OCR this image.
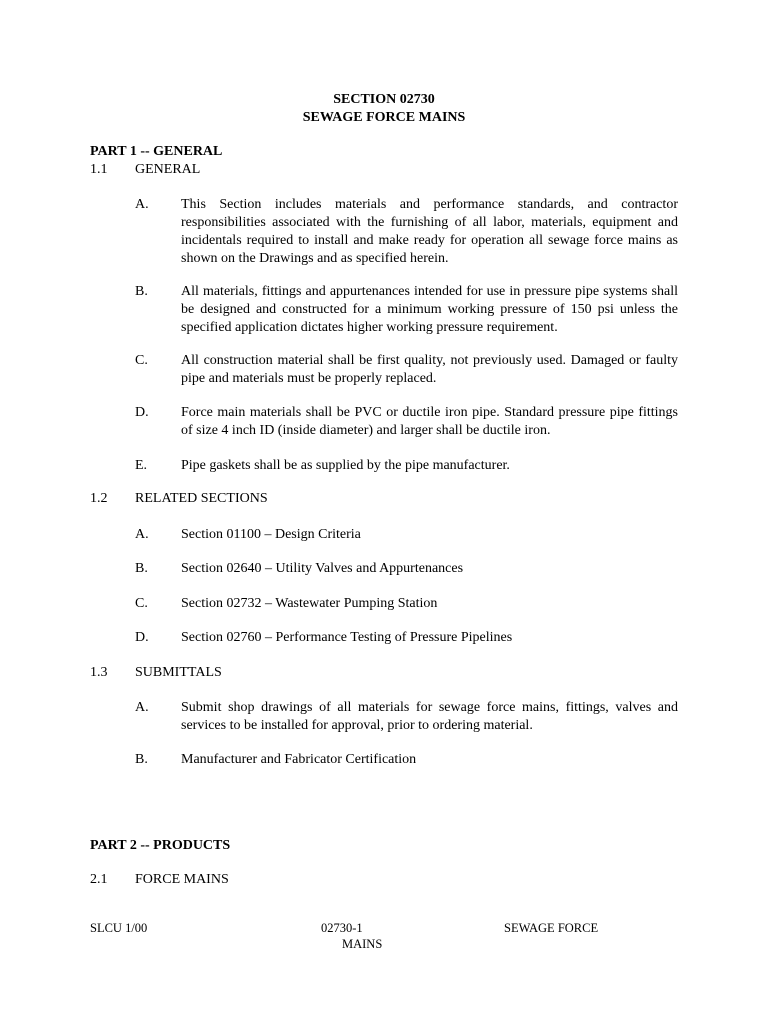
SECTION 02730
SEWAGE FORCE MAINS
PART 1 -- GENERAL
1.1 GENERAL
A. This Section includes materials and performance standards, and contractor responsibilities associated with the furnishing of all labor, materials, equipment and incidentals required to install and make ready for operation all sewage force mains as shown on the Drawings and as specified herein.
B. All materials, fittings and appurtenances intended for use in pressure pipe systems shall be designed and constructed for a minimum working pressure of 150 psi unless the specified application dictates higher working pressure requirement.
C. All construction material shall be first quality, not previously used. Damaged or faulty pipe and materials must be properly replaced.
D. Force main materials shall be PVC or ductile iron pipe. Standard pressure pipe fittings of size 4 inch ID (inside diameter) and larger shall be ductile iron.
E. Pipe gaskets shall be as supplied by the pipe manufacturer.
1.2 RELATED SECTIONS
A. Section 01100 – Design Criteria
B. Section 02640 – Utility Valves and Appurtenances
C. Section 02732 – Wastewater Pumping Station
D. Section 02760 – Performance Testing of Pressure Pipelines
1.3 SUBMITTALS
A. Submit shop drawings of all materials for sewage force mains, fittings, valves and services to be installed for approval, prior to ordering material.
B. Manufacturer and Fabricator Certification
PART 2 -- PRODUCTS
2.1 FORCE MAINS
SLCU 1/00	02730-1	SEWAGE FORCE
MAINS
